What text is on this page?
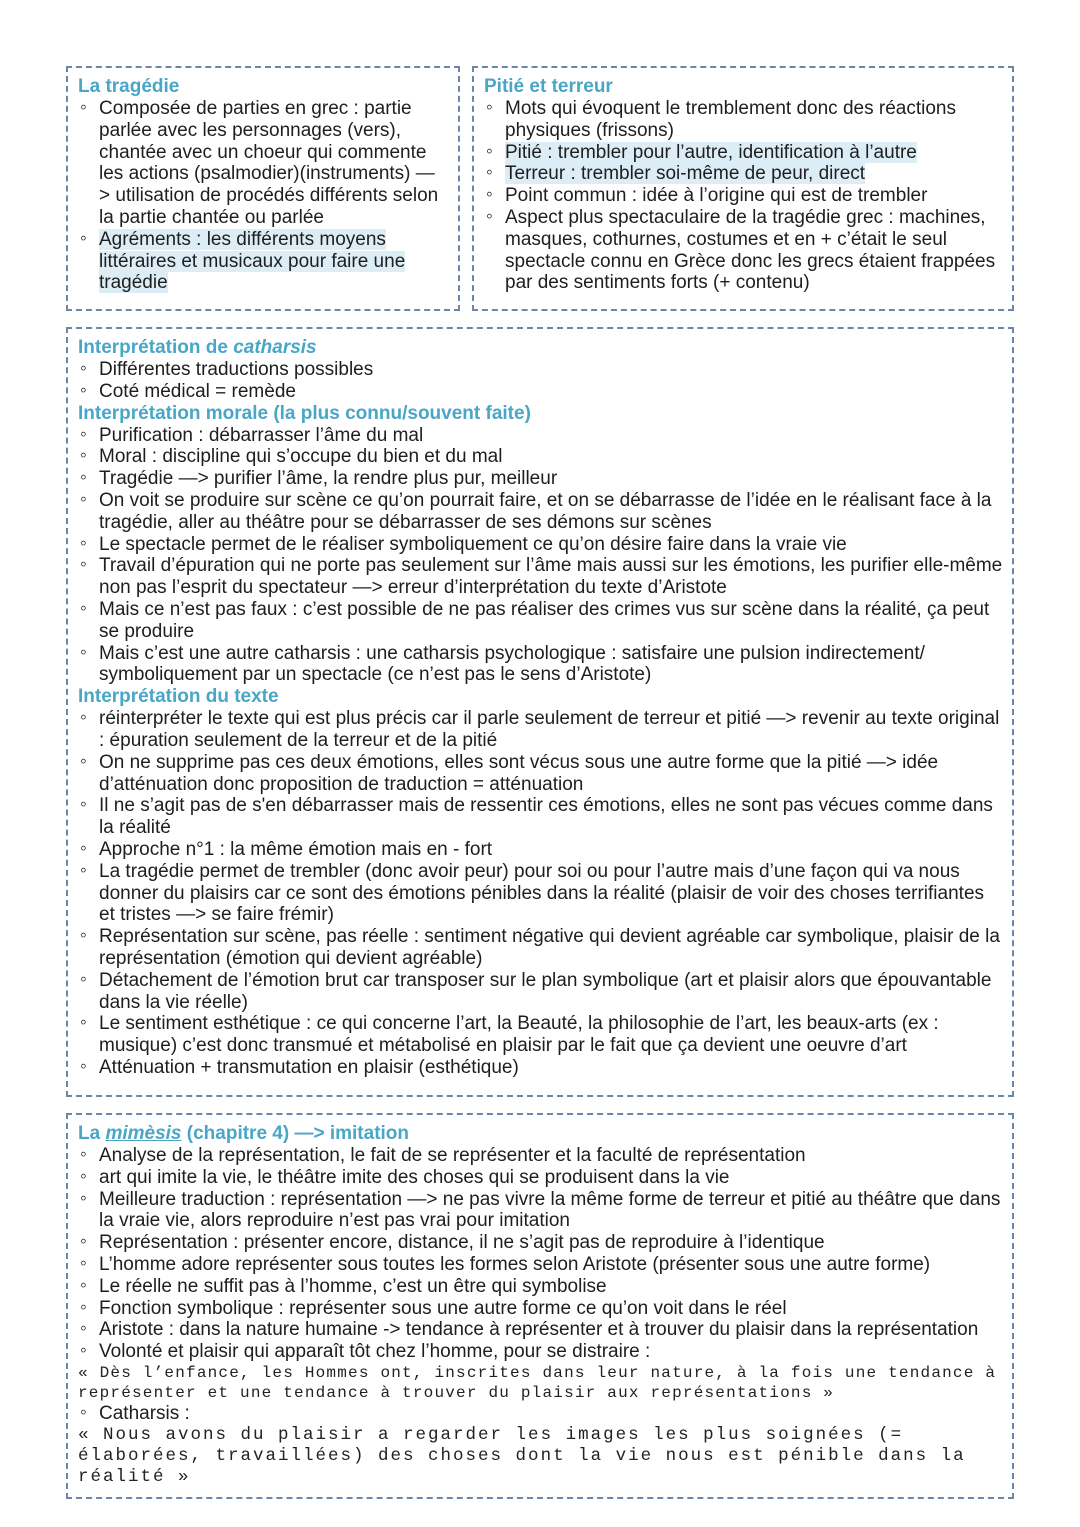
La tragédie

◦ Composée de parties en grec : partie parlée avec les personnages (vers), chantée avec un choeur qui commente les actions (psalmodier)(instruments) — > utilisation de procédés différents selon la partie chantée ou parlée
◦ Agréments : les différents moyens littéraires et musicaux pour faire une tragédie

Pitié et terreur

◦ Mots qui évoquent le tremblement donc des réactions physiques (frissons)
◦ Pitié : trembler pour l’autre, identification à l’autre
◦ Terreur : trembler soi-même de peur, direct
◦ Point commun : idée à l’origine qui est de trembler
◦ Aspect plus spectaculaire de la tragédie grec : machines, masques, cothurnes, costumes et en + c’était le seul spectacle connu en Grèce donc les grecs étaient frappées par des sentiments forts (+ contenu)

Interprétation de catharsis

◦ Différentes traductions possibles
◦ Coté médical = remède

Interprétation morale (la plus connu/souvent faite)

◦ Purification : débarrasser l’âme du mal
◦ Moral : discipline qui s’occupe du bien et du mal
◦ Tragédie —> purifier l’âme, la rendre plus pur, meilleur
◦ On voit se produire sur scène ce qu’on pourrait faire, et on se débarrasse de l’idée en le réalisant face à la tragédie, aller au théâtre pour se débarrasser de ses démons sur scènes
◦ Le spectacle permet de le réaliser symboliquement ce qu’on désire faire dans la vraie vie
◦ Travail d’épuration qui ne porte pas seulement sur l’âme mais aussi sur les émotions, les purifier elle-même non pas l’esprit du spectateur —> erreur d’interprétation du texte d’Aristote
◦ Mais ce n’est pas faux : c’est possible de ne pas réaliser des crimes vus sur scène dans la réalité, ça peut se produire
◦ Mais c’est une autre catharsis : une catharsis psychologique : satisfaire une pulsion indirectement/ symboliquement par un spectacle (ce n’est pas le sens d’Aristote)

Interprétation du texte

◦ réinterpréter le texte qui est plus précis car il parle seulement de terreur et pitié —> revenir au texte original : épuration seulement de la terreur et de la pitié
◦ On ne supprime pas ces deux émotions, elles sont vécus sous une autre forme que la pitié —> idée d’atténuation donc proposition de traduction = atténuation
◦ Il ne s’agit pas de s'en débarrasser mais de ressentir ces émotions, elles ne sont pas vécues comme dans la réalité
◦ Approche n°1 : la même émotion mais en - fort
◦ La tragédie permet de trembler (donc avoir peur) pour soi ou pour l’autre mais d’une façon qui va nous donner du plaisirs car ce sont des émotions pénibles dans la réalité (plaisir de voir des choses terrifiantes et tristes —> se faire frémir)
◦ Représentation sur scène, pas réelle : sentiment négative qui devient agréable car symbolique, plaisir de la représentation (émotion qui devient agréable)
◦ Détachement de l’émotion brut car transposer sur le plan symbolique (art et plaisir alors que épouvantable dans la vie réelle)
◦ Le sentiment esthétique : ce qui concerne l’art, la Beauté, la philosophie de l’art, les beaux-arts (ex : musique) c’est donc transmué et métabolisé en plaisir par le fait que ça devient une oeuvre d’art
◦ Atténuation + transmutation en plaisir (esthétique)

La mimèsis (chapitre 4) —> imitation

◦ Analyse de la représentation, le fait de se représenter et la faculté de représentation
◦ art qui imite la vie, le théâtre imite des choses qui se produisent dans la vie
◦ Meilleure traduction : représentation —> ne pas vivre la même forme de terreur et pitié au théâtre que dans la vraie vie, alors reproduire n’est pas vrai pour imitation
◦ Représentation : présenter encore, distance, il ne s’agit pas de reproduire à l’identique
◦ L’homme adore représenter sous toutes les formes selon Aristote (présenter sous une autre forme)
◦ Le réelle ne suffit pas à l’homme, c’est un être qui symbolise
◦ Fonction symbolique : représenter sous une autre forme ce qu’on voit dans le réel
◦ Aristote : dans la nature humaine -> tendance à représenter et à trouver du plaisir dans la représentation
◦ Volonté et plaisir qui apparaît tôt chez l’homme, pour se distraire :

« Dès l’enfance, les Hommes ont, inscrites dans leur nature, à la fois une tendance à représenter et une tendance à trouver du plaisir aux représentations »

◦ Catharsis :

« Nous avons du plaisir a regarder les images les plus soignées (= élaborées, travaillées) des choses dont la vie nous est pénible dans la réalité »
